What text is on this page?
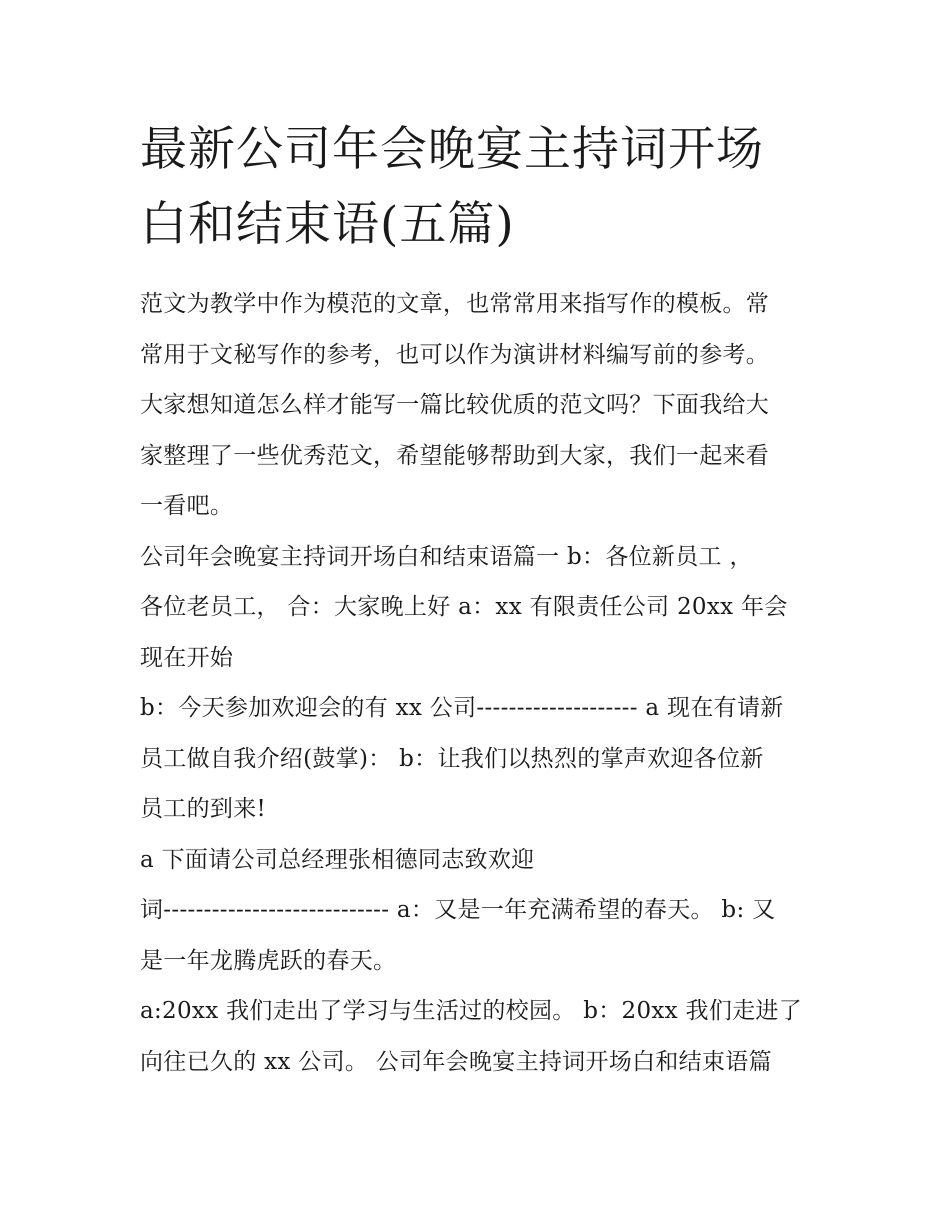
最新公司年会晚宴主持词开场
白和结束语(五篇)
范文为教学中作为模范的文章，也常常用来指写作的模板。常
常用于文秘写作的参考，也可以作为演讲材料编写前的参考。
大家想知道怎么样才能写一篇比较优质的范文吗？下面我给大
家整理了一些优秀范文，希望能够帮助到大家，我们一起来看
一看吧。
公司年会晚宴主持词开场白和结束语篇一 b：各位新员工 ，
各位老员工， 合：大家晚上好 a：xx 有限责任公司 20xx 年会
现在开始
b：今天参加欢迎会的有 xx 公司-------------------- a 现在有请新
员工做自我介绍(鼓掌)： b：让我们以热烈的掌声欢迎各位新
员工的到来!
a 下面请公司总经理张相德同志致欢迎
词---------------------------- a：又是一年充满希望的春天。 b: 又
是一年龙腾虎跃的春天。
a:20xx 我们走出了学习与生活过的校园。 b：20xx 我们走进了
向往已久的 xx 公司。 公司年会晚宴主持词开场白和结束语篇
